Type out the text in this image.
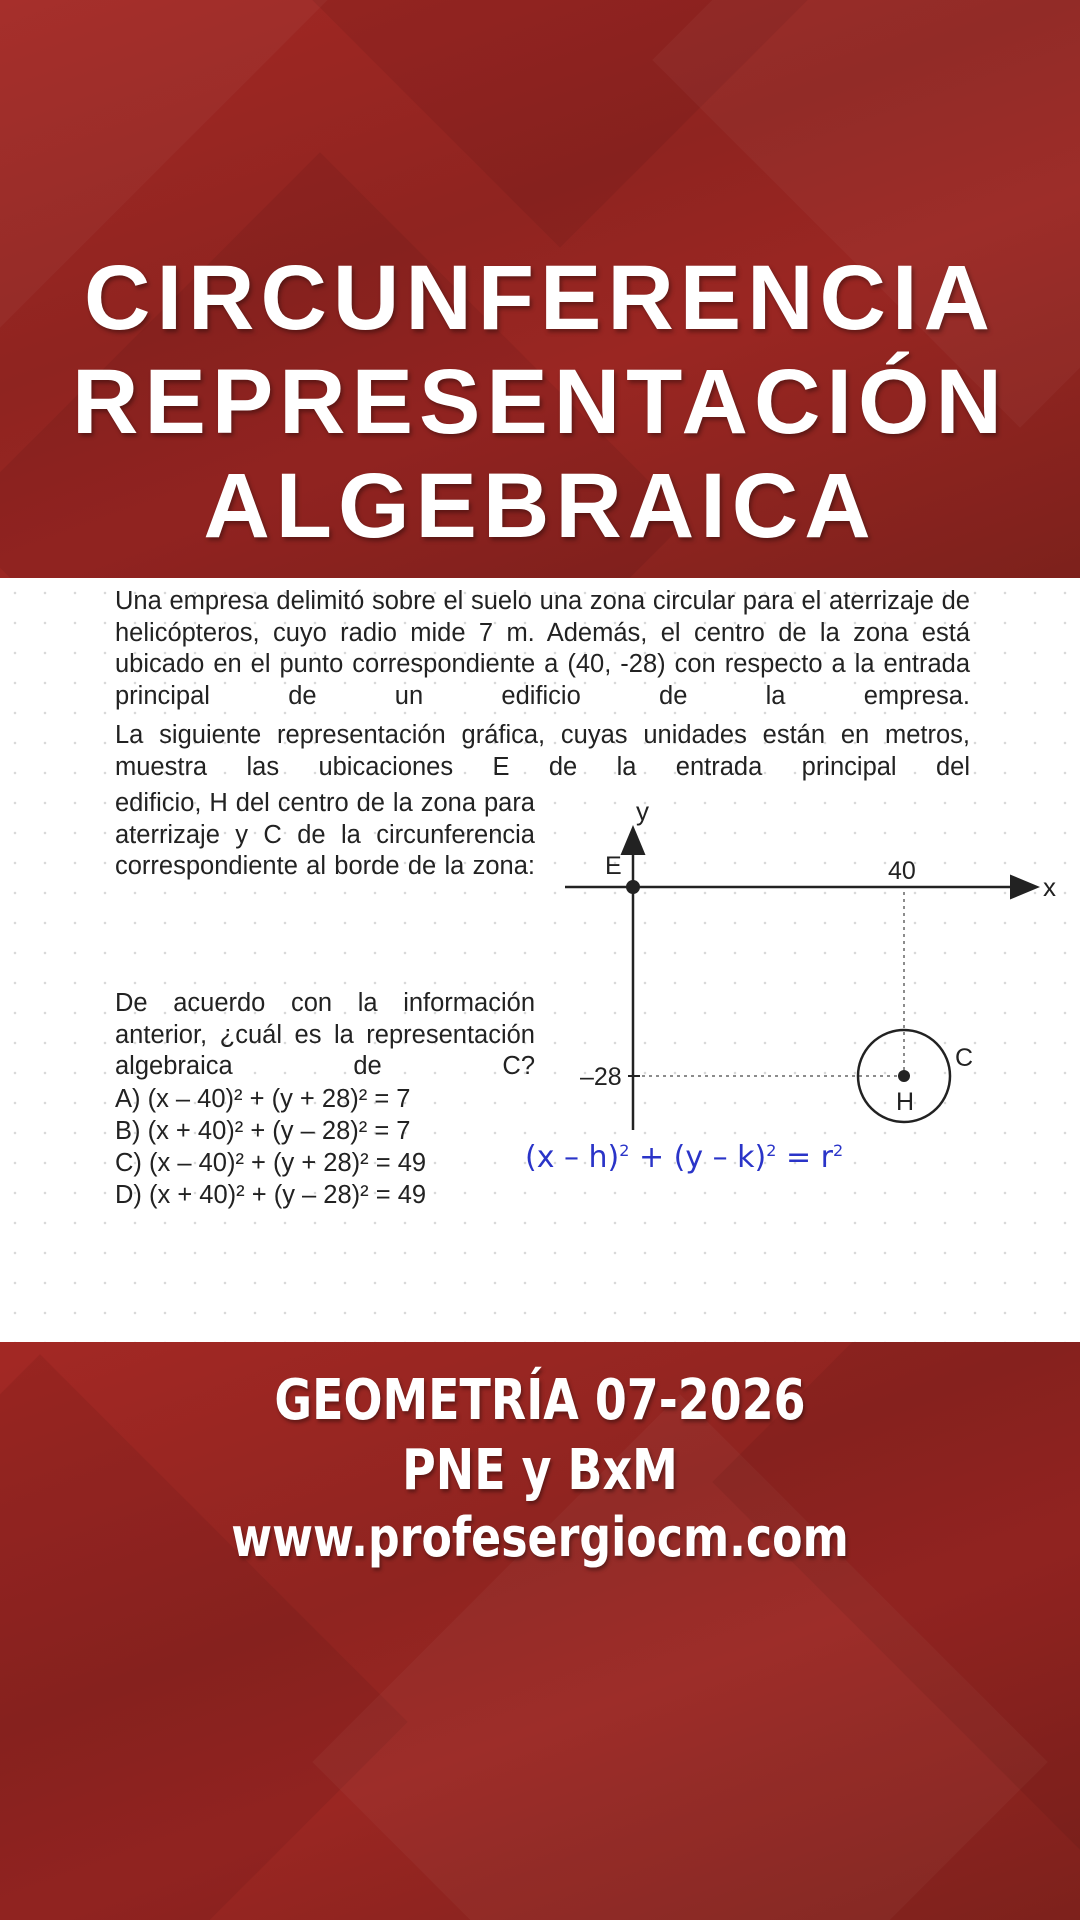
CIRCUNFERENCIA
REPRESENTACIÓN
ALGEBRAICA
Una empresa delimitó sobre el suelo una zona circular para el aterrizaje de helicópteros, cuyo radio mide 7 m. Además, el centro de la zona está ubicado en el punto correspondiente a (40, -28) con respecto a la entrada principal de un edificio de la empresa.
La siguiente representación gráfica, cuyas unidades están en metros, muestra las ubicaciones E de la entrada principal del
edificio, H del centro de la zona para aterrizaje y C de la circunferencia correspondiente al borde de la zona:
De acuerdo con la información anterior, ¿cuál es la representación algebraica de C?
A) (x – 40)² + (y + 28)² = 7
B) (x + 40)² + (y – 28)² = 7
C) (x – 40)² + (y + 28)² = 49
D) (x + 40)² + (y – 28)² = 49
y
x
E	40
–28
C
H
$(x - h)^2 + (y - k)^2 = r^2$
GEOMETRÍA 07-2026
PNE y BxM
www.profesergiocm.com
